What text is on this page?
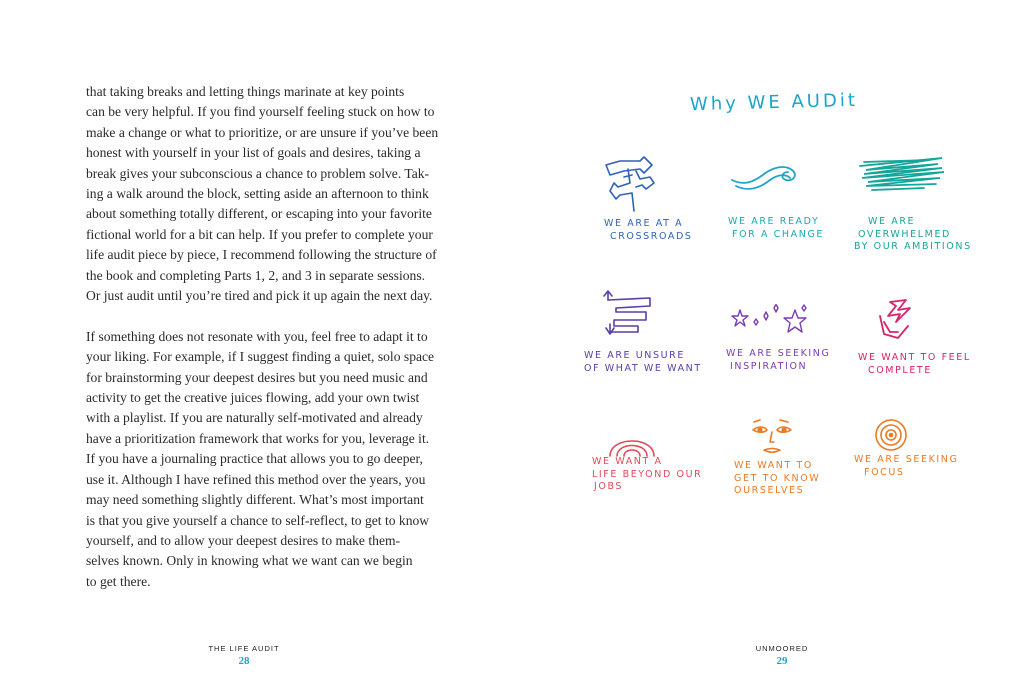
that taking breaks and letting things marinate at key points
can be very helpful. If you find yourself feeling stuck on how to
make a change or what to prioritize, or are unsure if you’ve been
honest with yourself in your list of goals and desires, taking a
break gives your subconscious a chance to problem solve. Tak-
ing a walk around the block, setting aside an afternoon to think
about something totally different, or escaping into your favorite
fictional world for a bit can help. If you prefer to complete your
life audit piece by piece, I recommend following the structure of
the book and completing Parts 1, 2, and 3 in separate sessions.
Or just audit until you’re tired and pick it up again the next day.
If something does not resonate with you, feel free to adapt it to
your liking. For example, if I suggest finding a quiet, solo space
for brainstorming your deepest desires but you need music and
activity to get the creative juices flowing, add your own twist
with a playlist. If you are naturally self-motivated and already
have a prioritization framework that works for you, leverage it.
If you have a journaling practice that allows you to go deeper,
use it. Although I have refined this method over the years, you
may need something slightly different. What’s most important
is that you give yourself a chance to self-reflect, to get to know
yourself, and to allow your deepest desires to make them-
selves known. Only in knowing what we want can we begin
to get there.
THE LIFE AUDIT
28
Why WE AUDit
WE ARE AT A
CROSSROADS
WE ARE READY
FOR A CHANGE
WE ARE
OVERWHELMED
BY OUR AMBITIONS
WE ARE UNSURE
OF WHAT WE WANT
WE ARE SEEKING
INSPIRATION
WE WANT TO FEEL
COMPLETE
WE WANT A
LIFE BEYOND OUR
JOBS
WE WANT TO
GET TO KNOW
OURSELVES
WE ARE SEEKING
FOCUS
UNMOORED
29
